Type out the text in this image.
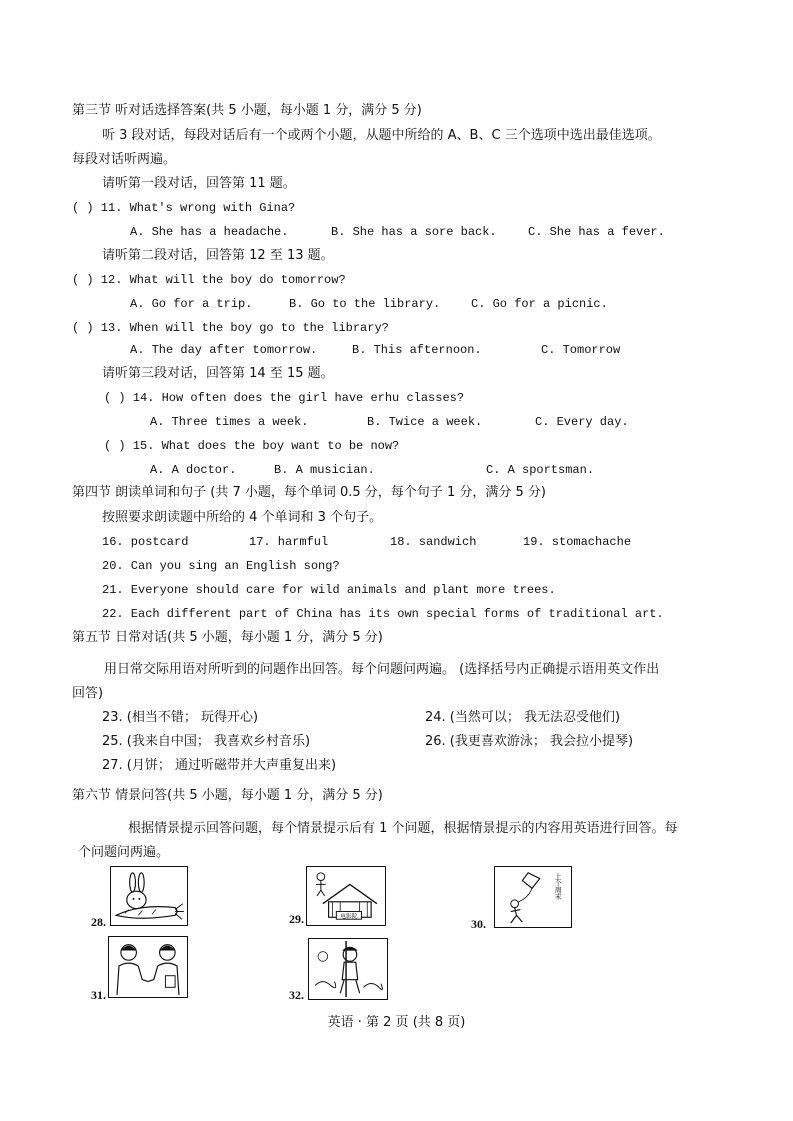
第三节 听对话选择答案(共 5 小题，每小题 1 分，满分 5 分)
听 3 段对话，每段对话后有一个或两个小题，从题中所给的 A、B、C 三个选项中选出最佳选项。
每段对话听两遍。
请听第一段对话，回答第 11 题。
( ) 11. What's wrong with Gina?
A. She has a headache.	B. She has a sore back.	C. She has a fever.
请听第二段对话，回答第 12 至 13 题。
( ) 12. What will the boy do tomorrow?
A. Go for a trip.	B. Go to the library.	C. Go for a picnic.
( ) 13. When will the boy go to the library?
A. The day after tomorrow.	B. This afternoon.	C. Tomorrow
请听第三段对话，回答第 14 至 15 题。
( ) 14. How often does the girl have erhu classes?
A. Three times a week.	B. Twice a week.	C. Every day.
( ) 15. What does the boy want to be now?
A. A doctor.	B. A musician.	C. A sportsman.
第四节 朗读单词和句子 (共 7 小题，每个单词 0.5 分，每个句子 1 分，满分 5 分)
按照要求朗读题中所给的 4 个单词和 3 个句子。
16. postcard	17. harmful	18. sandwich	19. stomachache
20. Can you sing an English song?
21. Everyone should care for wild animals and plant more trees.
22. Each different part of China has its own special forms of traditional art.
第五节 日常对话(共 5 小题，每小题 1 分，满分 5 分)
用日常交际用语对所听到的问题作出回答。每个问题问两遍。 (选择括号内正确提示语用英文作出
回答)
23. (相当不错； 玩得开心)	24. (当然可以； 我无法忍受他们)
25. (我来自中国； 我喜欢乡村音乐)	26. (我更喜欢游泳； 我会拉小提琴)
27. (月饼； 通过听磁带并大声重复出来)
第六节 情景问答(共 5 小题，每小题 1 分，满分 5 分)
根据情景提示回答问题，每个情景提示后有 1 个问题，根据情景提示的内容用英语进行回答。每
个问题问两遍。
28.	29.	电影院	30.
上个周末
31.	32.
英语 · 第 2 页 (共 8 页)
